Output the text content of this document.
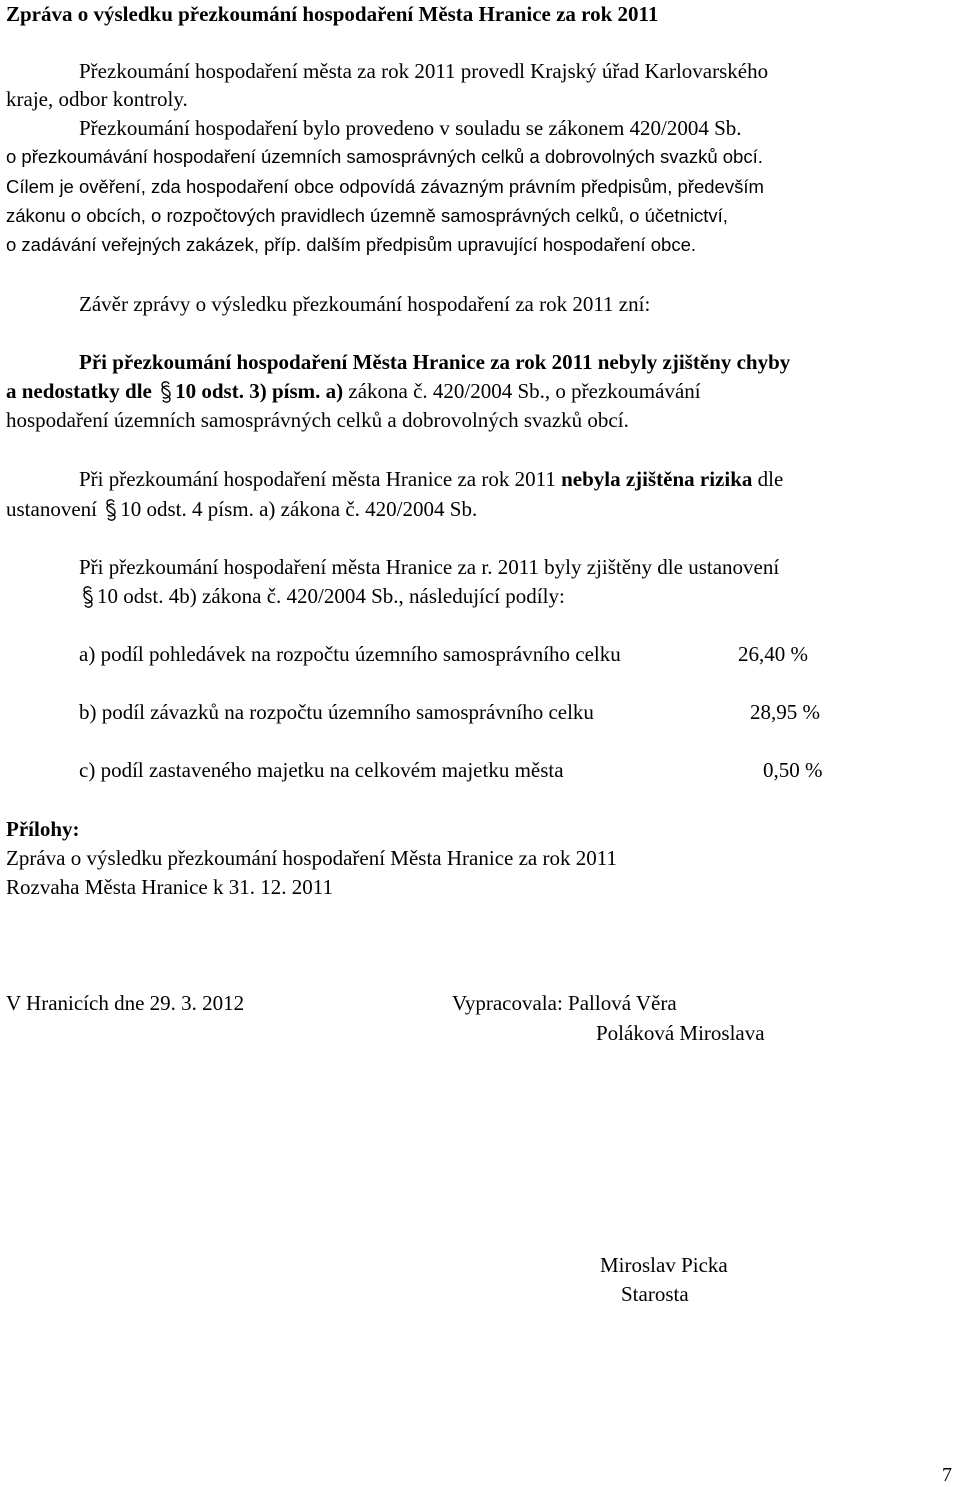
Zpráva o výsledku přezkoumání hospodaření Města Hranice za rok 2011
Přezkoumání hospodaření města za rok 2011 provedl Krajský úřad Karlovarského
kraje, odbor kontroly.
Přezkoumání hospodaření bylo provedeno v souladu se zákonem 420/2004 Sb.
o přezkoumávání hospodaření územních samosprávných celků a dobrovolných svazků obcí.
Cílem je ověření, zda hospodaření obce odpovídá závazným právním předpisům, především
zákonu o obcích, o rozpočtových pravidlech územně samosprávných celků, o účetnictví,
o zadávání veřejných zakázek, příp. dalším předpisům upravující hospodaření obce.
Závěr zprávy o výsledku přezkoumání hospodaření za rok 2011 zní:
Při přezkoumání hospodaření Města Hranice za rok 2011 nebyly zjištěny chyby
a nedostatky dle
10 odst. 3) písm. a) zákona č. 420/2004 Sb., o přezkoumávání
hospodaření územních samosprávných celků a dobrovolných svazků obcí.
Při přezkoumání hospodaření města Hranice za rok 2011 nebyla zjištěna rizika dle
ustanovení
10 odst. 4 písm. a) zákona č. 420/2004 Sb.
Při přezkoumání hospodaření města Hranice za r. 2011 byly zjištěny dle ustanovení
10 odst. 4b) zákona č. 420/2004 Sb., následující podíly:
a) podíl pohledávek na rozpočtu územního samosprávního celku	26,40 %
b) podíl závazků na rozpočtu územního samosprávního celku	28,95 %
c) podíl zastaveného majetku na celkovém majetku města	0,50 %
Přílohy:
Zpráva o výsledku přezkoumání hospodaření Města Hranice za rok 2011
Rozvaha Města Hranice k 31. 12. 2011
V Hranicích dne 29. 3. 2012	Vypracovala: Pallová Věra
Poláková Miroslava
Miroslav Picka
Starosta
7
